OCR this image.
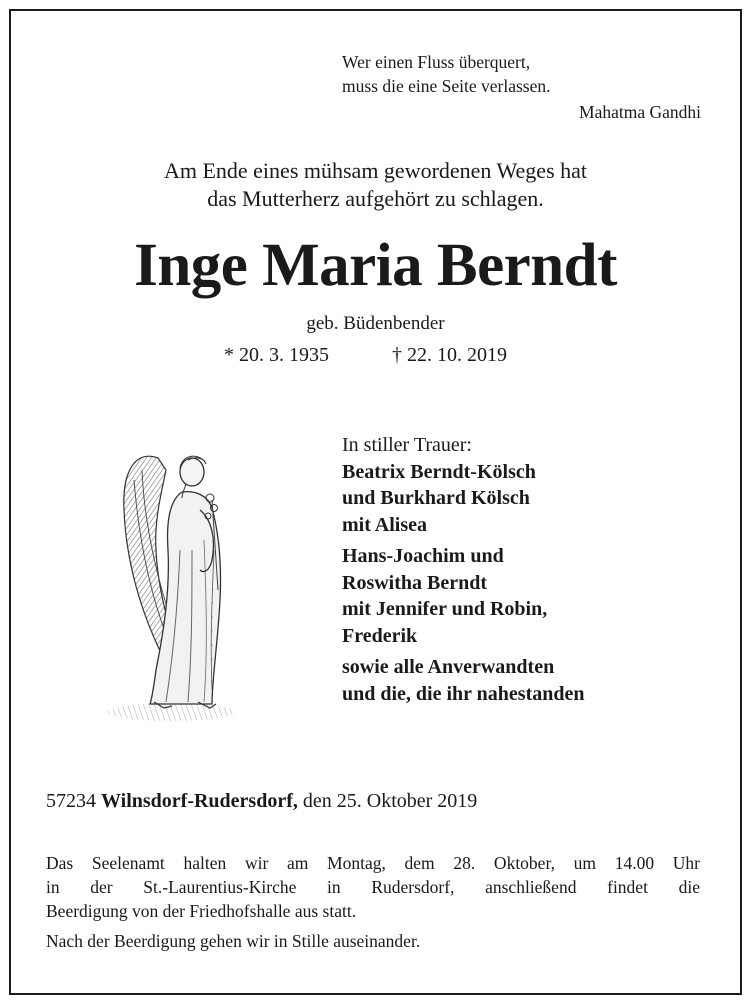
Wer einen Fluss überquert,
muss die eine Seite verlassen.
Mahatma Gandhi
Am Ende eines mühsam gewordenen Weges hat
das Mutterherz aufgehört zu schlagen.
Inge Maria Berndt
geb. Büdenbender
* 20. 3. 1935	† 22. 10. 2019
In stiller Trauer:
Beatrix Berndt-Kölsch
und Burkhard Kölsch
mit Alisea
Hans-Joachim und
Roswitha Berndt
mit Jennifer und Robin,
Frederik
sowie alle Anverwandten
und die, die ihr nahestanden
57234 Wilnsdorf-Rudersdorf, den 25. Oktober 2019
Das Seelenamt halten wir am Montag, dem 28. Oktober, um 14.00 Uhr
in der St.-Laurentius-Kirche in Rudersdorf, anschließend findet die
Beerdigung von der Friedhofshalle aus statt.
Nach der Beerdigung gehen wir in Stille auseinander.
